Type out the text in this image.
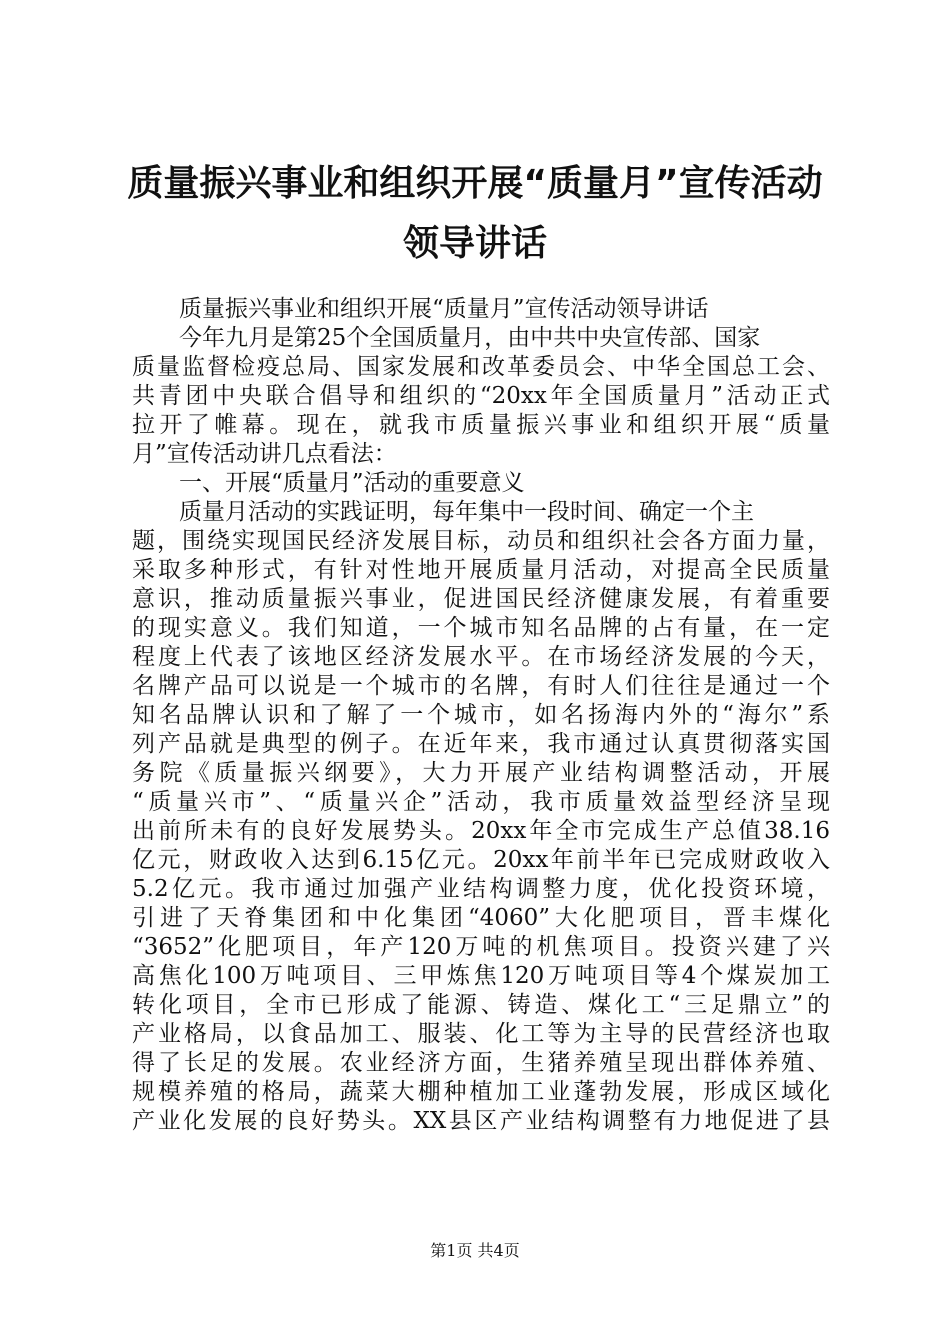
质量振兴事业和组织开展“质量月”宣传活动
领导讲话
质量振兴事业和组织开展“质量月”宣传活动领导讲话
今年九月是第25个全国质量月，由中共中央宣传部、国家
质量监督检疫总局、国家发展和改革委员会、中华全国总工会、
共青团中央联合倡导和组织的“20xx年全国质量月”活动正式
拉开了帷幕。现在，就我市质量振兴事业和组织开展“质量
月”宣传活动讲几点看法：
一、开展“质量月”活动的重要意义
质量月活动的实践证明，每年集中一段时间、确定一个主
题，围绕实现国民经济发展目标，动员和组织社会各方面力量，
采取多种形式，有针对性地开展质量月活动，对提高全民质量
意识，推动质量振兴事业，促进国民经济健康发展，有着重要
的现实意义。我们知道，一个城市知名品牌的占有量，在一定
程度上代表了该地区经济发展水平。在市场经济发展的今天，
名牌产品可以说是一个城市的名牌，有时人们往往是通过一个
知名品牌认识和了解了一个城市，如名扬海内外的“海尔”系
列产品就是典型的例子。在近年来，我市通过认真贯彻落实国
务院《质量振兴纲要》，大力开展产业结构调整活动，开展
“质量兴市”、“质量兴企”活动，我市质量效益型经济呈现
出前所未有的良好发展势头。20xx年全市完成生产总值38.16
亿元，财政收入达到6.15亿元。20xx年前半年已完成财政收入
5.2亿元。我市通过加强产业结构调整力度，优化投资环境，
引进了天脊集团和中化集团“4060”大化肥项目，晋丰煤化
“3652”化肥项目，年产120万吨的机焦项目。投资兴建了兴
高焦化100万吨项目、三甲炼焦120万吨项目等4个煤炭加工
转化项目，全市已形成了能源、铸造、煤化工“三足鼎立”的
产业格局，以食品加工、服装、化工等为主导的民营经济也取
得了长足的发展。农业经济方面，生猪养殖呈现出群体养殖、
规模养殖的格局，蔬菜大棚种植加工业蓬勃发展，形成区域化
产业化发展的良好势头。XX县区产业结构调整有力地促进了县
第1页 共4页
